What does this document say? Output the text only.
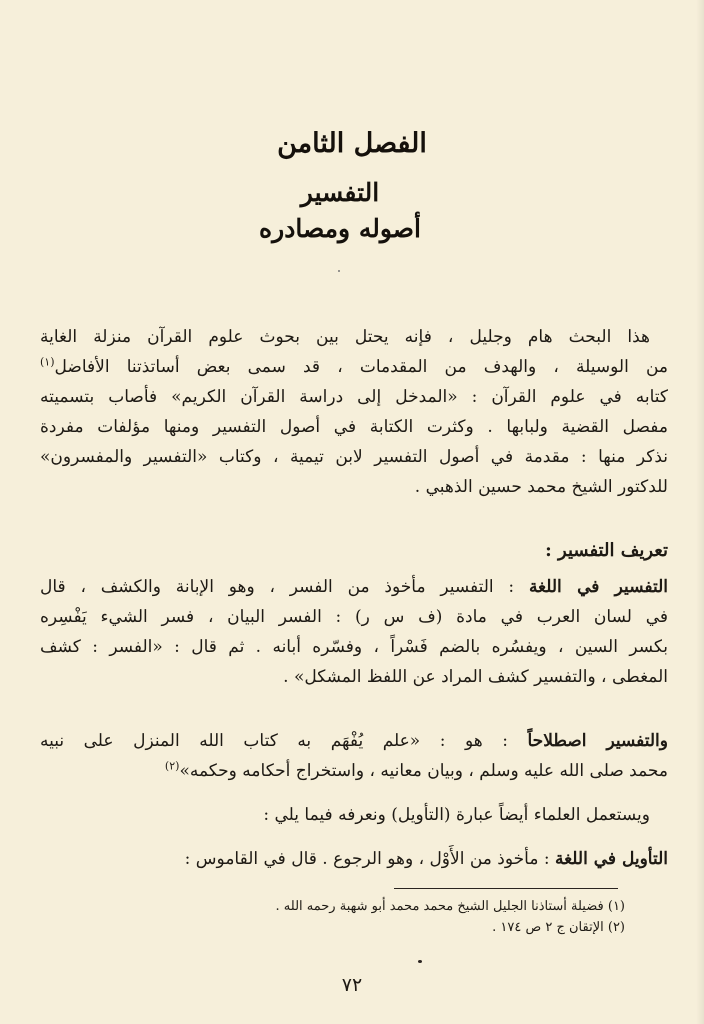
الفصل الثامن
التفسير
أصوله ومصادره
هذا البحث هام وجليل ، فإنه يحتل بين بحوث علوم القرآن منزلة الغاية
من الوسيلة ، والهدف من المقدمات ، قد سمى بعض أساتذتنا الأفاضل$^{(١)}$
كتابه في علوم القرآن : «المدخل إلى دراسة القرآن الكريم» فأصاب بتسميته
مفصل القضية ولبابها . وكثرت الكتابة في أصول التفسير ومنها مؤلفات مفردة
نذكر منها : مقدمة في أصول التفسير لابن تيمية ، وكتاب «التفسير والمفسرون»
للدكتور الشيخ محمد حسين الذهبي .
تعريف التفسير :
التفسير في اللغة : التفسير مأخوذ من الفسر ، وهو الإبانة والكشف ، قال
في لسان العرب في مادة (ف س ر) : الفسر البيان ، فسر الشيء يَفْسِره
بكسر السين ، ويفسُره بالضم فَسْراً ، وفسّره أبانه . ثم قال : «الفسر : كشف
المغطى ، والتفسير كشف المراد عن اللفظ المشكل» .
والتفسير اصطلاحاً : هو : «علم يُفْهَم به كتاب الله المنزل على نبيه
محمد صلى الله عليه وسلم ، وبيان معانيه ، واستخراج أحكامه وحكمه»$^{(٢)}$
ويستعمل العلماء أيضاً عبارة (التأويل) ونعرفه فيما يلي :
التأويل في اللغة : مأخوذ من الأَوْل ، وهو الرجوع . قال في القاموس :
(١) فضيلة أستاذنا الجليل الشيخ محمد محمد أبو شهبة رحمه الله .
(٢) الإتقان ج ٢ ص ١٧٤ .
٧٢
